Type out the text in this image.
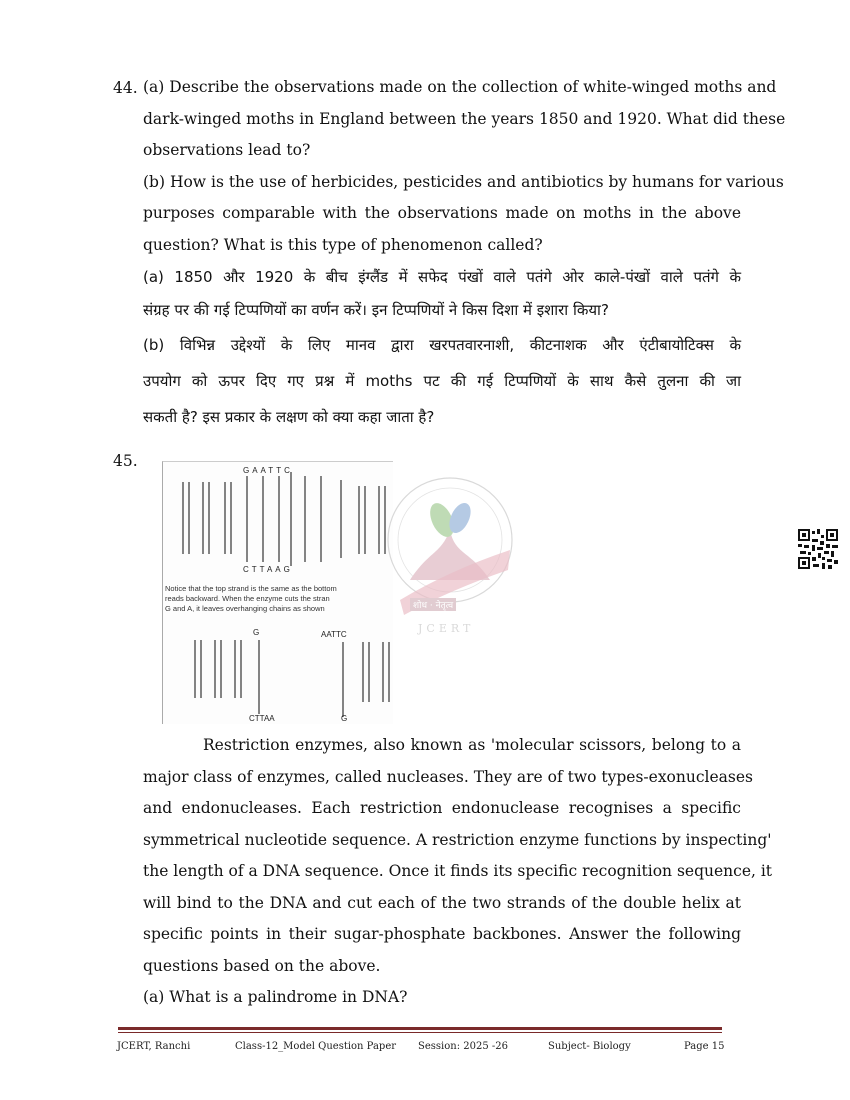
44. (a) Describe the observations made on the collection of white-winged moths and
dark-winged moths in England between the years 1850 and 1920. What did these
observations lead to?
(b) How is the use of herbicides, pesticides and antibiotics by humans for various
purposes comparable with the observations made on moths in the above
question? What is this type of phenomenon called?
(a) 1850 और 1920 के बीच इंग्लैंड में सफेद पंखों वाले पतंगे ओर काले-पंखों वाले पतंगे के
संग्रह पर की गई टिप्पणियों का वर्णन करें। इन टिप्पणियों ने किस दिशा में इशारा किया?
(b) विभिन्न उद्देश्यों के लिए मानव द्वारा खरपतवारनाशी, कीटनाशक और एंटीबायोटिक्स के
उपयोग को ऊपर दिए गए प्रश्न में moths पट की गई टिप्पणियों के साथ कैसे तुलना की जा
सकती है? इस प्रकार के लक्षण को क्या कहा जाता है?
45.
GAATTC
CTTAAG
Notice that the top strand is the same as the bottom
reads backward. When the enzyme cuts the stran
G and A, it leaves overhanging chains as shown
G	AATTC
CTTAA	G
शोध · नेतृत्व
JCERT
Restriction enzymes, also known as 'molecular scissors, belong to a
major class of enzymes, called nucleases. They are of two types-exonucleases
and endonucleases. Each restriction endonuclease recognises a specific
symmetrical nucleotide sequence. A restriction enzyme functions by inspecting'
the length of a DNA sequence. Once it finds its specific recognition sequence, it
will bind to the DNA and cut each of the two strands of the double helix at
specific points in their sugar-phosphate backbones. Answer the following
questions based on the above.
(a) What is a palindrome in DNA?
JCERT, Ranchi	Class-12_Model Question Paper Session: 2025 -26	Subject- Biology	Page 15
